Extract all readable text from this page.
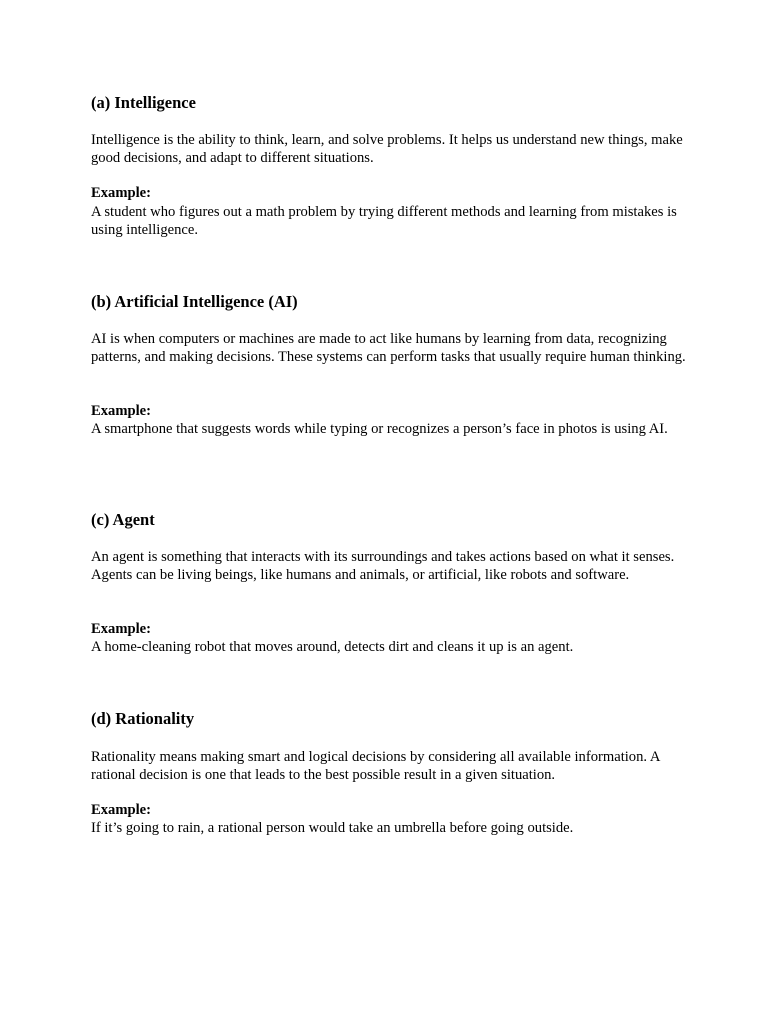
(a) Intelligence
Intelligence is the ability to think, learn, and solve problems. It helps us understand new things, make good decisions, and adapt to different situations.
Example:
A student who figures out a math problem by trying different methods and learning from mistakes is using intelligence.
(b) Artificial Intelligence (AI)
AI is when computers or machines are made to act like humans by learning from data, recognizing patterns, and making decisions. These systems can perform tasks that usually require human thinking.
Example:
A smartphone that suggests words while typing or recognizes a person’s face in photos is using AI.
(c) Agent
An agent is something that interacts with its surroundings and takes actions based on what it senses. Agents can be living beings, like humans and animals, or artificial, like robots and software.
Example:
A home-cleaning robot that moves around, detects dirt and cleans it up is an agent.
(d) Rationality
Rationality means making smart and logical decisions by considering all available information. A rational decision is one that leads to the best possible result in a given situation.
Example:
If it’s going to rain, a rational person would take an umbrella before going outside.
